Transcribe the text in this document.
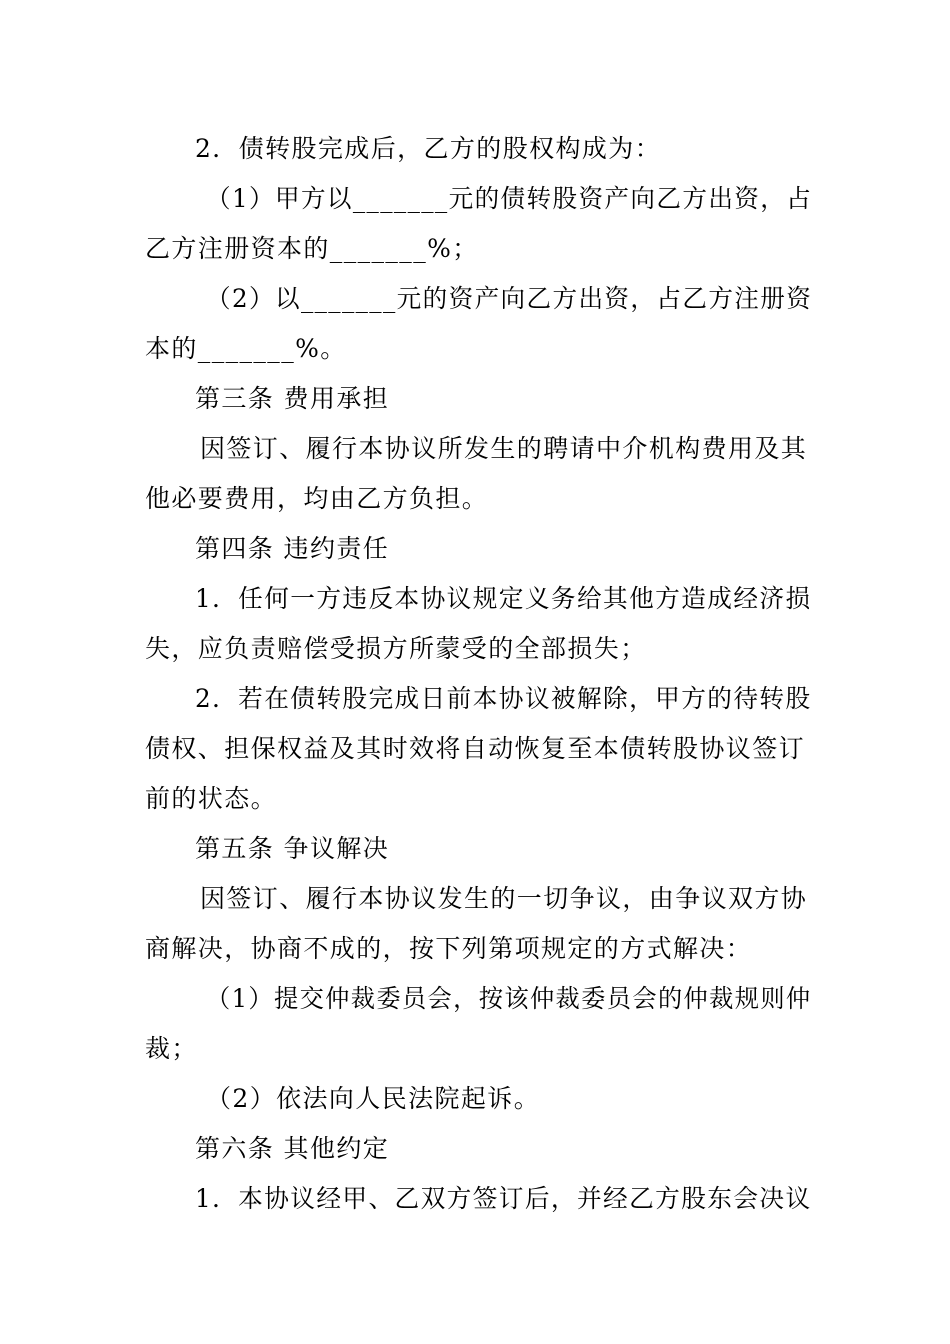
2．债转股完成后，乙方的股权构成为：
（1）甲方以_______元的债转股资产向乙方出资，占
乙方注册资本的_______%；
（2）以_______元的资产向乙方出资，占乙方注册资
本的_______%。
第三条 费用承担
因签订、履行本协议所发生的聘请中介机构费用及其
他必要费用，均由乙方负担。
第四条 违约责任
1．任何一方违反本协议规定义务给其他方造成经济损
失，应负责赔偿受损方所蒙受的全部损失；
2．若在债转股完成日前本协议被解除，甲方的待转股
债权、担保权益及其时效将自动恢复至本债转股协议签订
前的状态。
第五条 争议解决
因签订、履行本协议发生的一切争议，由争议双方协
商解决，协商不成的，按下列第项规定的方式解决：
（1）提交仲裁委员会，按该仲裁委员会的仲裁规则仲
裁；
（2）依法向人民法院起诉。
第六条 其他约定
1．本协议经甲、乙双方签订后，并经乙方股东会决议
